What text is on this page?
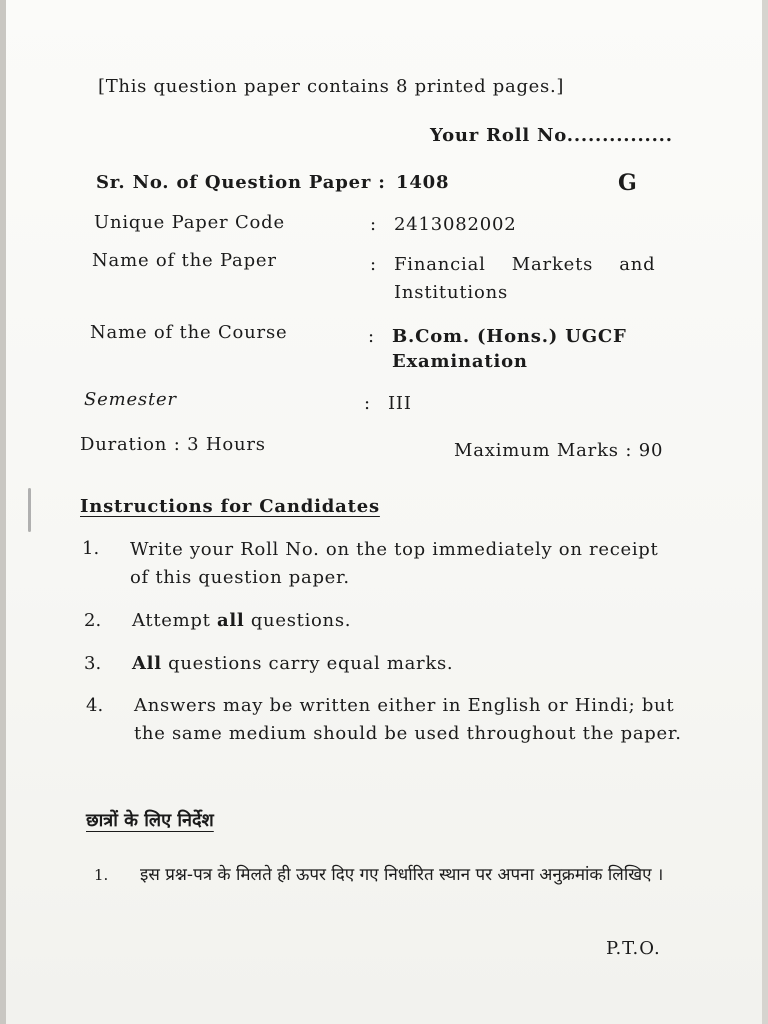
[This question paper contains 8 printed pages.]
Your Roll No...............
Sr. No. of Question Paper : 1408	G
Unique Paper Code	: 2413082002
Name of the Paper	: Financial    Markets    and
Institutions
Name of the Course	: B.Com. (Hons.) UGCF
Examination
Semester	: III
Duration : 3 Hours	Maximum Marks : 90
Instructions for Candidates
1. Write your Roll No. on the top immediately on receipt of this question paper.
2. Attempt all questions.
3. All questions carry equal marks.
4. Answers may be written either in English or Hindi; but the same medium should be used throughout the paper.
छात्रों के लिए निर्देश
1. इस प्रश्न-पत्र के मिलते ही ऊपर दिए गए निर्धारित स्थान पर अपना अनुक्रमांक लिखिए ।
P.T.O.
